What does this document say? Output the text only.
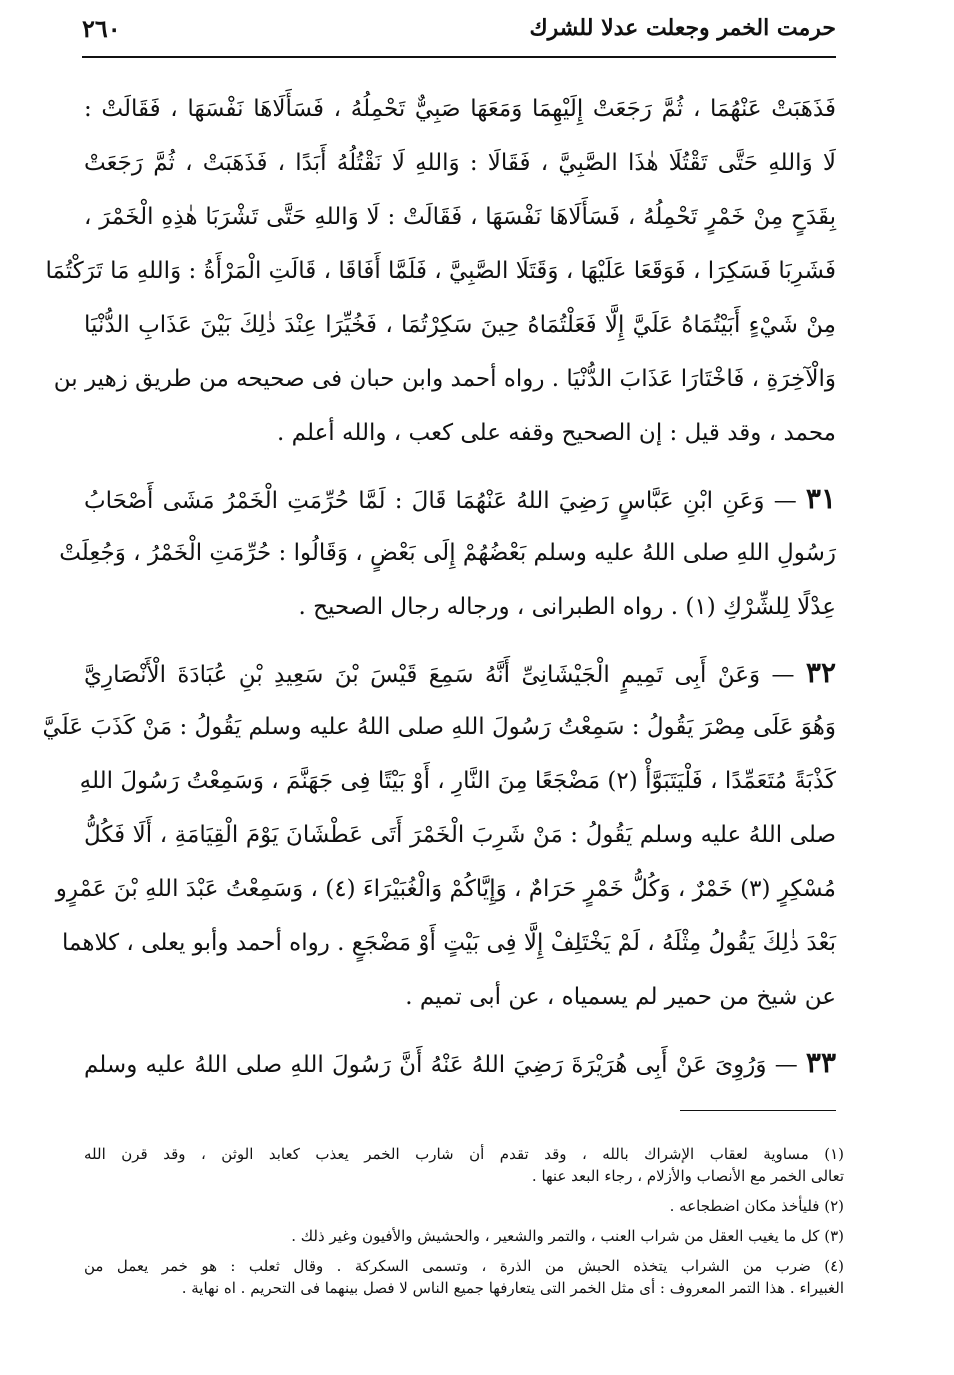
حرمت الخمر وجعلت عدلا للشرك
٢٦٠
فَذَهَبَتْ عَنْهُمَا ، ثُمَّ رَجَعَتْ إِلَيْهِمَا وَمَعَهَا صَبِيٌّ تَحْمِلُهُ ، فَسَأَلَاهَا نَفْسَهَا ، فَقَالَتْ :
لَا وَاللهِ حَتَّى تَقْتُلَا هٰذَا الصَّبِيَّ ، فَقَالَا : وَاللهِ لَا نَقْتُلُهُ أَبَدًا ، فَذَهَبَتْ ، ثُمَّ رَجَعَتْ
بِقَدَحٍ مِنْ خَمْرٍ تَحْمِلُهُ ، فَسَأَلَاهَا نَفْسَهَا ، فَقَالَتْ : لَا وَاللهِ حَتَّى تَشْرَبَا هٰذِهِ الْخَمْرَ ،
فَشَرِبَا فَسَكِرَا ، فَوَقَعَا عَلَيْهَا ، وَقَتَلَا الصَّبِيَّ ، فَلَمَّا أَفَاقَا ، قَالَتِ الْمَرْأَةُ : وَاللهِ مَا تَرَكْتُمَا
مِنْ شَيْءٍ أَبَيْتُمَاهُ عَلَيَّ إِلَّا فَعَلْتُمَاهُ حِينَ سَكِرْتُمَا ، فَخُيِّرَا عِنْدَ ذٰلِكَ بَيْنَ عَذَابِ الدُّنْيَا
وَالْآخِرَةِ ، فَاخْتَارَا عَذَابَ الدُّنْيَا . رواه أحمد وابن حبان فى صحيحه من طريق زهير بن
محمد ، وقد قيل : إن الصحيح وقفه على كعب ، والله أعلم .
٣١ — وَعَنِ ابْنِ عَبَّاسٍ رَضِيَ اللهُ عَنْهُمَا قَالَ : لَمَّا حُرِّمَتِ الْخَمْرُ مَشَى أَصْحَابُ
رَسُولِ اللهِ صلى اللهُ عليه وسلم بَعْضُهُمْ إِلَى بَعْضٍ ، وَقَالُوا : حُرِّمَتِ الْخَمْرُ ، وَجُعِلَتْ
عِدْلًا لِلشِّرْكِ (١) . رواه الطبرانى ، ورجاله رجال الصحيح .
٣٢ — وَعَنْ أَبِى تَمِيمٍ الْجَيْشَانِىِّ أَنَّهُ سَمِعَ قَيْسَ بْنَ سَعِيدِ بْنِ عُبَادَةَ الْأَنْصَارِيَّ
وَهُوَ عَلَى مِصْرَ يَقُولُ : سَمِعْتُ رَسُولَ اللهِ صلى اللهُ عليه وسلم يَقُولُ : مَنْ كَذَبَ عَلَيَّ
كَذْبَةً مُتَعَمِّدًا ، فَلْيَتَبَوَّأْ (٢) مَضْجَعًا مِنَ النَّارِ ، أَوْ بَيْتًا فِى جَهَنَّمَ ، وَسَمِعْتُ رَسُولَ اللهِ
صلى اللهُ عليه وسلم يَقُولُ : مَنْ شَرِبَ الْخَمْرَ أَتَى عَطْشَانَ يَوْمَ الْقِيَامَةِ ، أَلَا فَكُلُّ
مُسْكِرٍ (٣) خَمْرٌ ، وَكُلُّ خَمْرٍ حَرَامٌ ، وَإِيَّاكُمْ وَالْغُبَيْرَاءَ (٤) ، وَسَمِعْتُ عَبْدَ اللهِ بْنَ عَمْرٍو
بَعْدَ ذٰلِكَ يَقُولُ مِثْلَهُ ، لَمْ يَخْتَلِفْ إِلَّا فِى بَيْتٍ أَوْ مَضْجَعٍ . رواه أحمد وأبو يعلى ، كلاهما
عن شيخ من حمير لم يسمياه ، عن أبى تميم .
٣٣ — وَرُوِىَ عَنْ أَبِى هُرَيْرَةَ رَضِيَ اللهُ عَنْهُ أَنَّ رَسُولَ اللهِ صلى اللهُ عليه وسلم
(١) مساوية لعقاب الإشراك بالله ، وقد تقدم أن شارب الخمر يعذب كعابد الوثن ، وقد قرن الله
تعالى الخمر مع الأنصاب والأزلام ، رجاء البعد عنها .
(٢) فليأخذ مكان اضطجاعه .
(٣) كل ما يغيب العقل من شراب العنب ، والتمر والشعير ، والحشيش والأفيون وغير ذلك .
(٤) ضرب من الشراب يتخذه الحبش من الذرة ، وتسمى السكركة . وقال ثعلب : هو خمر يعمل من
الغبيراء . هذا التمر المعروف : أى مثل الخمر التى يتعارفها جميع الناس لا فصل بينهما فى التحريم . اه نهاية .
